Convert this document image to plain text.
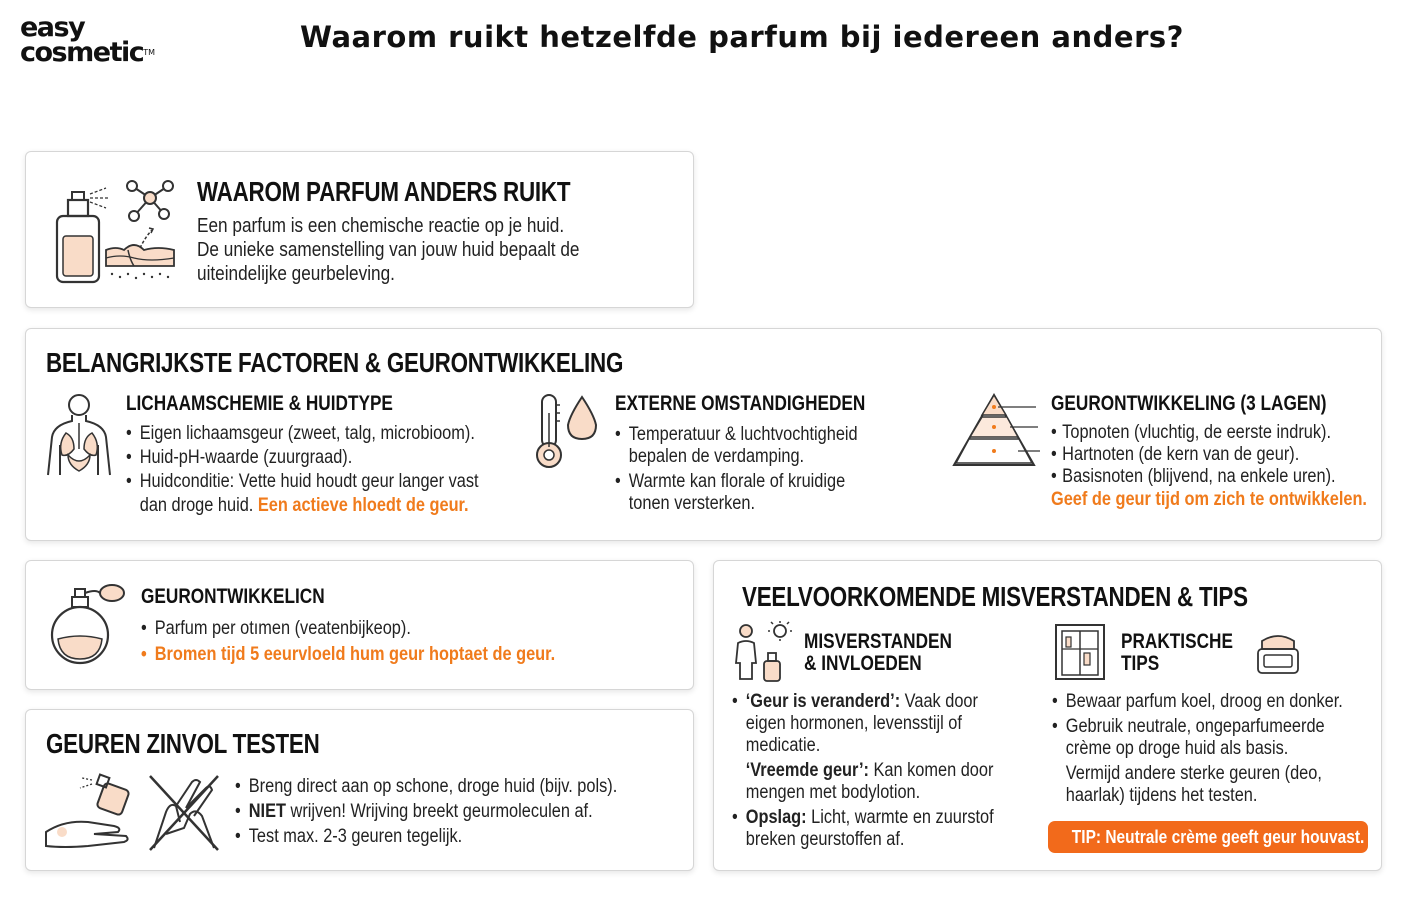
easy
cosmetic™	Waarom ruikt hetzelfde parfum bij iedereen anders?
WAAROM PARFUM ANDERS RUIKT
Een parfum is een chemische reactie op je huid.
De unieke samenstelling van jouw huid bepaalt de
uiteindelijke geurbeleving.
BELANGRIJKSTE FACTOREN & GEURONTWIKKELING
LICHAAMSCHEMIE & HUIDTYPE
• Eigen lichaamsgeur (zweet, talg, microbioom).
• Huid-pH-waarde (zuurgraad).
• Huidconditie: Vette huid houdt geur langer vast
dan droge huid. Een actieve hloedt de geur.
EXTERNE OMSTANDIGHEDEN
• Temperatuur & luchtvochtigheid
bepalen de verdamping.
• Warmte kan florale of kruidige
tonen versterken.
GEURONTWIKKELING (3 LAGEN)
• Topnoten (vluchtig, de eerste indruk).
• Hartnoten (de kern van de geur).
• Basisnoten (blijvend, na enkele uren).
Geef de geur tijd om zich te ontwikkelen.
GEURONTWIKKELICN
• Parfum per otımen (veatenbijkeop).
• Bromen tijd 5 eeurvloeld hum geur hoptaet de geur.
GEUREN ZINVOL TESTEN
• Breng direct aan op schone, droge huid (bijv. pols).
• NIET wrijven! Wrijving breekt geurmoleculen af.
• Test max. 2-3 geuren tegelijk.
VEELVOORKOMENDE MISVERSTANDEN & TIPS
MISVERSTANDEN
& INVLOEDEN
• ‘Geur is veranderd’: Vaak door
eigen hormonen, levensstijl of
medicatie.
‘Vreemde geur’: Kan komen door
mengen met bodylotion.
• Opslag: Licht, warmte en zuurstof
breken geurstoffen af.
PRAKTISCHE
TIPS
• Bewaar parfum koel, droog en donker.
• Gebruik neutrale, ongeparfumeerde
crème op droge huid als basis.
Vermijd andere sterke geuren (deo,
haarlak) tijdens het testen.
TIP: Neutrale crème geeft geur houvast.
